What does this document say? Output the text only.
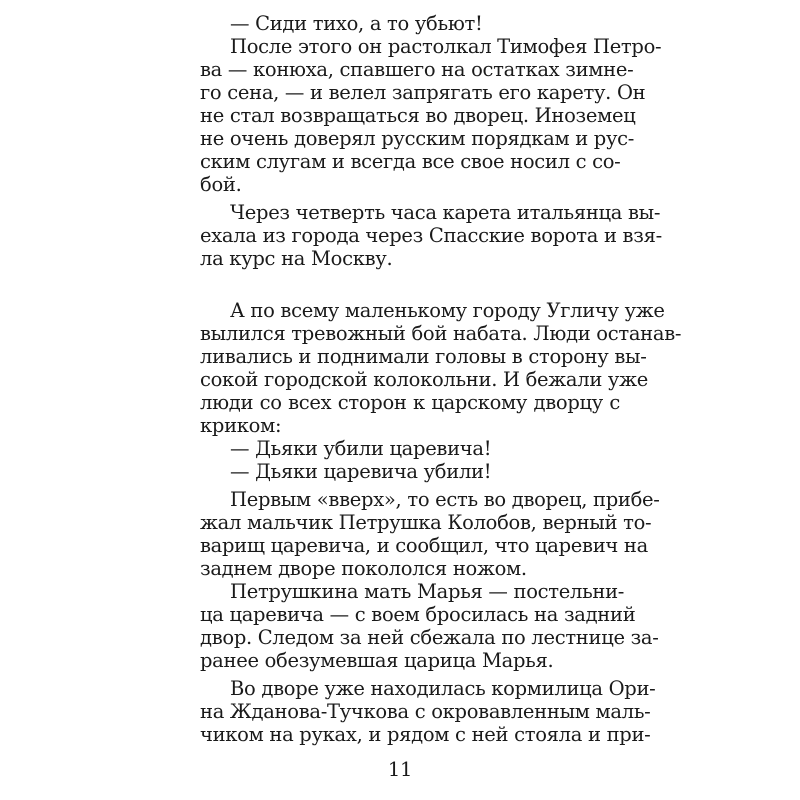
— Сиди тихо, а то убьют!
После этого он растолкал Тимофея Петро-
ва — конюха, спавшего на остатках зимне-
го сена, — и велел запрягать его карету. Он
не стал возвращаться во дворец. Иноземец
не очень доверял русским порядкам и рус-
ским слугам и всегда все свое носил с со-
бой.
Через четверть часа карета итальянца вы-
ехала из города через Спасские ворота и взя-
ла курс на Москву.
А по всему маленькому городу Угличу уже
вылился тревожный бой набата. Люди останав-
ливались и поднимали головы в сторону вы-
сокой городской колокольни. И бежали уже
люди со всех сторон к царскому дворцу с
криком:
— Дьяки убили царевича!
— Дьяки царевича убили!
Первым «вверх», то есть во дворец, прибе-
жал мальчик Петрушка Колобов, верный то-
варищ царевича, и сообщил, что царевич на
заднем дворе покололся ножом.
Петрушкина мать Марья — постельни-
ца царевича — с воем бросилась на задний
двор. Следом за ней сбежала по лестнице за-
ранее обезумевшая царица Марья.
Во дворе уже находилась кормилица Ори-
на Жданова-Тучкова с окровавленным маль-
чиком на руках, и рядом с ней стояла и при-
11
